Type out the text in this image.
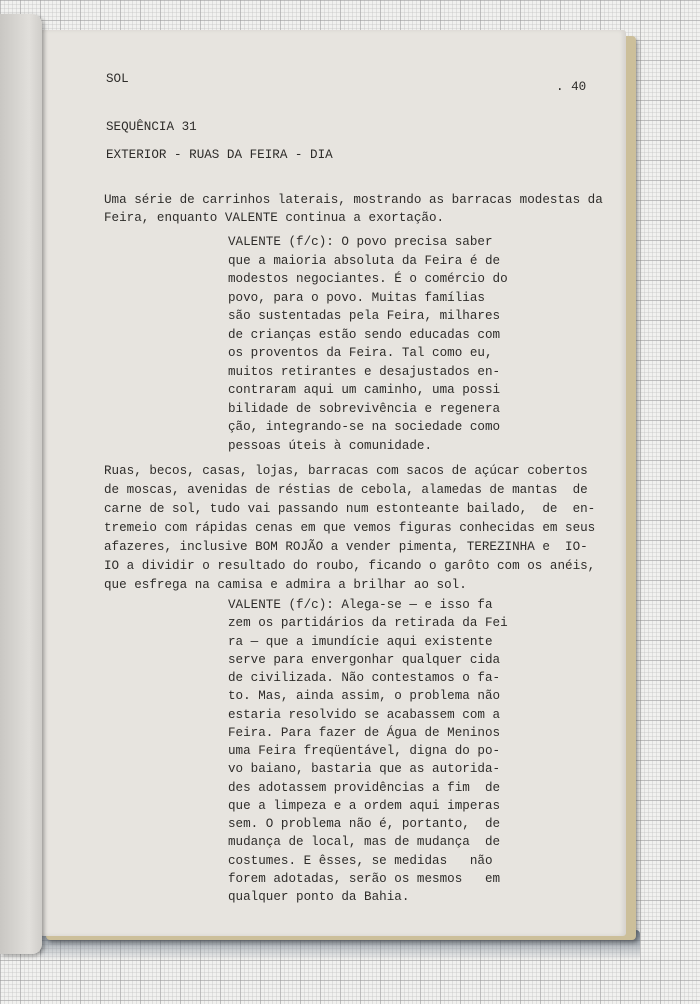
SOL
. 40
SEQUÊNCIA 31
EXTERIOR - RUAS DA FEIRA - DIA
Uma série de carrinhos laterais, mostrando as barracas modestas da
Feira, enquanto VALENTE continua a exortação.
VALENTE (f/c): O povo precisa saber
que a maioria absoluta da Feira é de
modestos negociantes. É o comércio do
povo, para o povo. Muitas famílias
são sustentadas pela Feira, milhares
de crianças estão sendo educadas com
os proventos da Feira. Tal como eu,
muitos retirantes e desajustados en-
contraram aqui um caminho, uma possi
bilidade de sobrevivência e regenera
ção, integrando-se na sociedade como
pessoas úteis à comunidade.
Ruas, becos, casas, lojas, barracas com sacos de açúcar cobertos
de moscas, avenidas de réstias de cebola, alamedas de mantas  de
carne de sol, tudo vai passando num estonteante bailado,  de  en-
tremeio com rápidas cenas em que vemos figuras conhecidas em seus
afazeres, inclusive BOM ROJÃO a vender pimenta, TEREZINHA e  IO-
IO a dividir o resultado do roubo, ficando o garôto com os anéis,
que esfrega na camisa e admira a brilhar ao sol.
VALENTE (f/c): Alega-se — e isso fa
zem os partidários da retirada da Fei
ra — que a imundície aqui existente
serve para envergonhar qualquer cida
de civilizada. Não contestamos o fa-
to. Mas, ainda assim, o problema não
estaria resolvido se acabassem com a
Feira. Para fazer de Água de Meninos
uma Feira freqüentável, digna do po-
vo baiano, bastaria que as autorida-
des adotassem providências a fim  de
que a limpeza e a ordem aqui imperas
sem. O problema não é, portanto,  de
mudança de local, mas de mudança  de
costumes. E êsses, se medidas   não
forem adotadas, serão os mesmos   em
qualquer ponto da Bahia.
